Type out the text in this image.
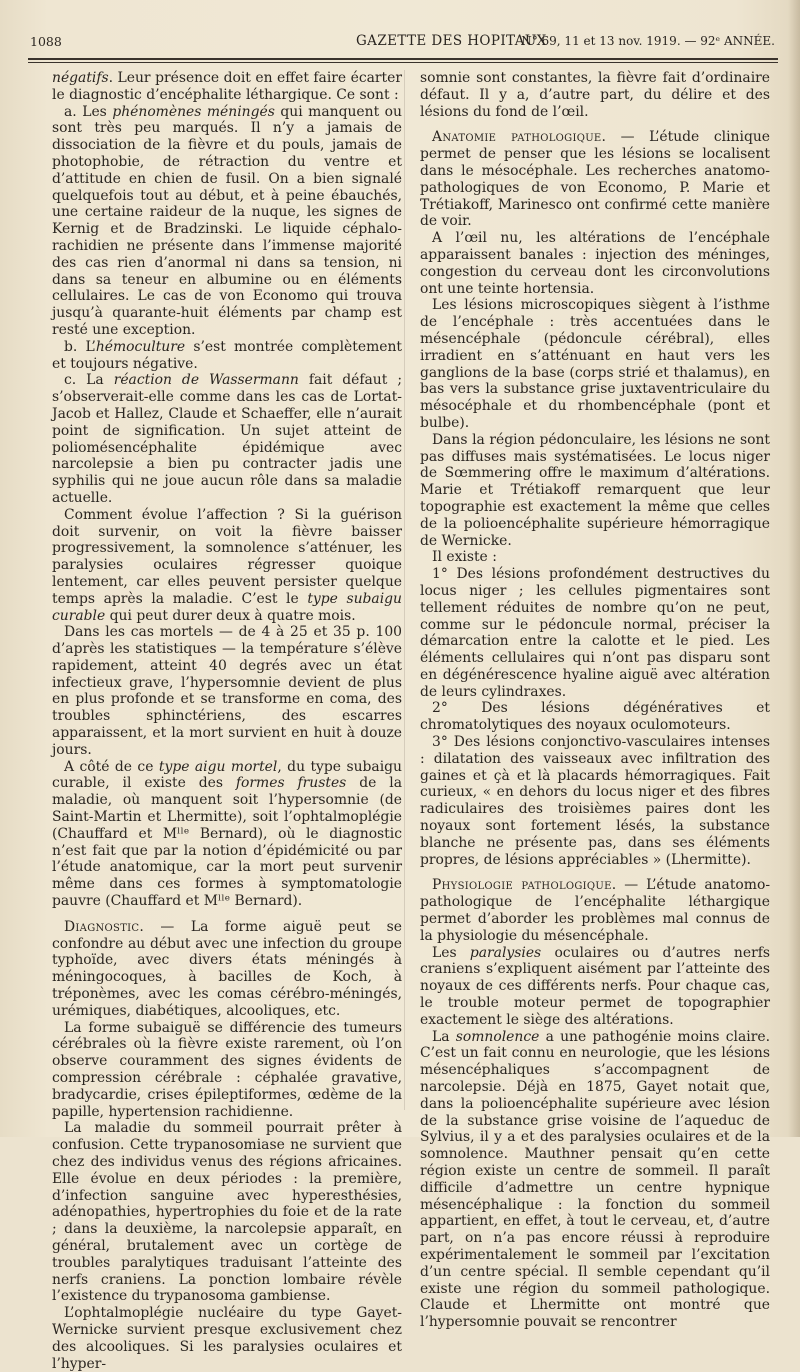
1088	GAZETTE DES HOPITAUX
N° 69, 11 et 13 nov. 1919. — 92ᵉ ANNÉE.

négatifs. Leur présence doit en effet faire écarter le diagnostic d’encéphalite léthargique. Ce sont :

a. Les phénomènes méningés qui manquent ou sont très peu marqués. Il n’y a jamais de dissociation de la fièvre et du pouls, jamais de photophobie, de rétraction du ventre et d’attitude en chien de fusil. On a bien signalé quelquefois tout au début, et à peine ébauchés, une certaine raideur de la nuque, les signes de Kernig et de Bradzinski. Le liquide céphalo-rachidien ne présente dans l’immense majorité des cas rien d’anormal ni dans sa tension, ni dans sa teneur en albumine ou en éléments cellulaires. Le cas de von Economo qui trouva jusqu’à quarante-huit éléments par champ est resté une exception.

b. L’hémoculture s’est montrée complètement et toujours négative.

c. La réaction de Wassermann fait défaut ; s’observerait-elle comme dans les cas de Lortat-Jacob et Hallez, Claude et Schaeffer, elle n’aurait point de signification. Un sujet atteint de poliomésencéphalite épidémique avec narcolepsie a bien pu contracter jadis une syphilis qui ne joue aucun rôle dans sa maladie actuelle.

Comment évolue l’affection ? Si la guérison doit survenir, on voit la fièvre baisser progressivement, la somnolence s’atténuer, les paralysies oculaires régresser quoique lentement, car elles peuvent persister quelque temps après la maladie. C’est le type subaigu curable qui peut durer deux à quatre mois.

Dans les cas mortels — de 4 à 25 et 35 p. 100 d’après les statistiques — la température s’élève rapidement, atteint 40 degrés avec un état infectieux grave, l’hypersomnie devient de plus en plus profonde et se transforme en coma, des troubles sphinctériens, des escarres apparaissent, et la mort survient en huit à douze jours.

A côté de ce type aigu mortel, du type subaigu curable, il existe des formes frustes de la maladie, où manquent soit l’hypersomnie (de Saint-Martin et Lhermitte), soit l’ophtalmoplégie (Chauffard et Mˡˡᵉ Bernard), où le diagnostic n’est fait que par la notion d’épidémicité ou par l’étude anatomique, car la mort peut survenir même dans ces formes à symptomatologie pauvre (Chauffard et Mˡˡᵉ Bernard).

Diagnostic. — La forme aiguë peut se confondre au début avec une infection du groupe typhoïde, avec divers états méningés à méningocoques, à bacilles de Koch, à tréponèmes, avec les comas cérébro-méningés, urémiques, diabétiques, alcooliques, etc.

La forme subaiguë se différencie des tumeurs cérébrales où la fièvre existe rarement, où l’on observe couramment des signes évidents de compression cérébrale : céphalée gravative, bradycardie, crises épileptiformes, œdème de la papille, hypertension rachidienne.

La maladie du sommeil pourrait prêter à confusion. Cette trypanosomiase ne survient que chez des individus venus des régions africaines. Elle évolue en deux périodes : la première, d’infection sanguine avec hyperesthésies, adénopathies, hypertrophies du foie et de la rate ; dans la deuxième, la narcolepsie apparaît, en général, brutalement avec un cortège de troubles paralytiques traduisant l’atteinte des nerfs craniens. La ponction lombaire révèle l’existence du trypanosoma gambiense.

L’ophtalmoplégie nucléaire du type Gayet-Wernicke survient presque exclusivement chez des alcooliques. Si les paralysies oculaires et l’hyper-

somnie sont constantes, la fièvre fait d’ordinaire défaut. Il y a, d’autre part, du délire et des lésions du fond de l’œil.

Anatomie pathologique. — L’étude clinique permet de penser que les lésions se localisent dans le mésocéphale. Les recherches anatomo-pathologiques de von Economo, P. Marie et Trétiakoff, Marinesco ont confirmé cette manière de voir.

A l’œil nu, les altérations de l’encéphale apparaissent banales : injection des méninges, congestion du cerveau dont les circonvolutions ont une teinte hortensia.

Les lésions microscopiques siègent à l’isthme de l’encéphale : très accentuées dans le mésencéphale (pédoncule cérébral), elles irradient en s’atténuant en haut vers les ganglions de la base (corps strié et thalamus), en bas vers la substance grise juxtaventriculaire du mésocéphale et du rhombencéphale (pont et bulbe).

Dans la région pédonculaire, les lésions ne sont pas diffuses mais systématisées. Le locus niger de Sœmmering offre le maximum d’altérations. Marie et Trétiakoff remarquent que leur topographie est exactement la même que celles de la polioencéphalite supérieure hémorragique de Wernicke.

Il existe :

1° Des lésions profondément destructives du locus niger ; les cellules pigmentaires sont tellement réduites de nombre qu’on ne peut, comme sur le pédoncule normal, préciser la démarcation entre la calotte et le pied. Les éléments cellulaires qui n’ont pas disparu sont en dégénérescence hyaline aiguë avec altération de leurs cylindraxes.

2° Des lésions dégénératives et chromatolytiques des noyaux oculomoteurs.

3° Des lésions conjonctivo-vasculaires intenses : dilatation des vaisseaux avec infiltration des gaines et çà et là placards hémorragiques. Fait curieux, « en dehors du locus niger et des fibres radiculaires des troisièmes paires dont les noyaux sont fortement lésés, la substance blanche ne présente pas, dans ses éléments propres, de lésions appréciables » (Lhermitte).

Physiologie pathologique. — L’étude anatomo-pathologique de l’encéphalite léthargique permet d’aborder les problèmes mal connus de la physiologie du mésencéphale.

Les paralysies oculaires ou d’autres nerfs craniens s’expliquent aisément par l’atteinte des noyaux de ces différents nerfs. Pour chaque cas, le trouble moteur permet de topographier exactement le siège des altérations.

La somnolence a une pathogénie moins claire. C’est un fait connu en neurologie, que les lésions mésencéphaliques s’accompagnent de narcolepsie. Déjà en 1875, Gayet notait que, dans la polioencéphalite supérieure avec lésion de la substance grise voisine de l’aqueduc de Sylvius, il y a et des paralysies oculaires et de la somnolence. Mauthner pensait qu’en cette région existe un centre de sommeil. Il paraît difficile d’admettre un centre hypnique mésencéphalique : la fonction du sommeil appartient, en effet, à tout le cerveau, et, d’autre part, on n’a pas encore réussi à reproduire expérimentalement le sommeil par l’excitation d’un centre spécial. Il semble cependant qu’il existe une région du sommeil pathologique. Claude et Lhermitte ont montré que l’hypersomnie pouvait se rencontrer
